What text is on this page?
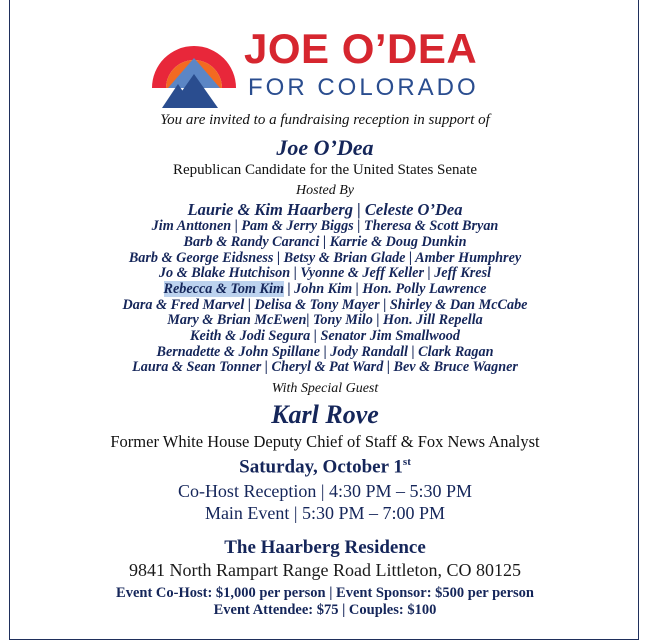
JOE O’DEA
FOR COLORADO
You are invited to a fundraising reception in support of
Joe O’Dea
Republican Candidate for the United States Senate
Hosted By
Laurie & Kim Haarberg | Celeste O’Dea
Jim Anttonen | Pam & Jerry Biggs | Theresa & Scott Bryan
Barb & Randy Caranci | Karrie & Doug Dunkin
Barb & George Eidsness | Betsy & Brian Glade | Amber Humphrey
Jo & Blake Hutchison | Vyonne & Jeff Keller | Jeff Kresl
Rebecca & Tom Kim | John Kim | Hon. Polly Lawrence
Dara & Fred Marvel | Delisa & Tony Mayer | Shirley & Dan McCabe
Mary & Brian McEwen| Tony Milo | Hon. Jill Repella
Keith & Jodi Segura | Senator Jim Smallwood
Bernadette & John Spillane | Jody Randall | Clark Ragan
Laura & Sean Tonner | Cheryl & Pat Ward | Bev & Bruce Wagner
With Special Guest
Karl Rove
Former White House Deputy Chief of Staff & Fox News Analyst
Saturday, October 1st
Co-Host Reception | 4:30 PM – 5:30 PM
Main Event | 5:30 PM – 7:00 PM
The Haarberg Residence
9841 North Rampart Range Road Littleton, CO 80125
Event Co-Host: $1,000 per person | Event Sponsor: $500 per person
Event Attendee: $75 | Couples: $100
